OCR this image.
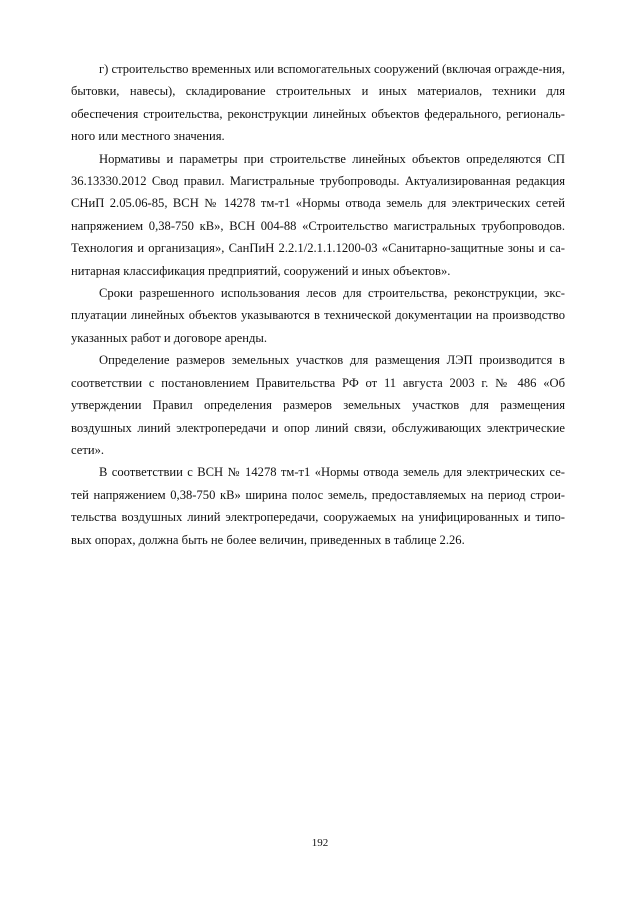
г) строительство временных или вспомогательных сооружений (включая огражде-ния, бытовки, навесы), складирование строительных и иных материалов, техники для обеспечения строительства, реконструкции линейных объектов федерального, региональ-ного или местного значения.

Нормативы и параметры при строительстве линейных объектов определяются СП 36.13330.2012 Свод правил. Магистральные трубопроводы. Актуализированная редакция СНиП 2.05.06-85, ВСН № 14278 тм-т1 «Нормы отвода земель для электрических сетей напряжением 0,38-750 кВ», ВСН 004-88 «Строительство магистральных трубопроводов. Технология и организация», СанПиН 2.2.1/2.1.1.1200-03 «Санитарно-защитные зоны и са-нитарная классификация предприятий, сооружений и иных объектов».

Сроки разрешенного использования лесов для строительства, реконструкции, экс-плуатации линейных объектов указываются в технической документации на производство указанных работ и договоре аренды.

Определение размеров земельных участков для размещения ЛЭП производится в соответствии с постановлением Правительства РФ от 11 августа 2003 г. № 486 «Об утверждении Правил определения размеров земельных участков для размещения воздушных линий электропередачи и опор линий связи, обслуживающих электрические сети».

В соответствии с ВСН № 14278 тм-т1 «Нормы отвода земель для электрических се-тей напряжением 0,38-750 кВ» ширина полос земель, предоставляемых на период строи-тельства воздушных линий электропередачи, сооружаемых на унифицированных и типо-вых опорах, должна быть не более величин, приведенных в таблице 2.26.

192
